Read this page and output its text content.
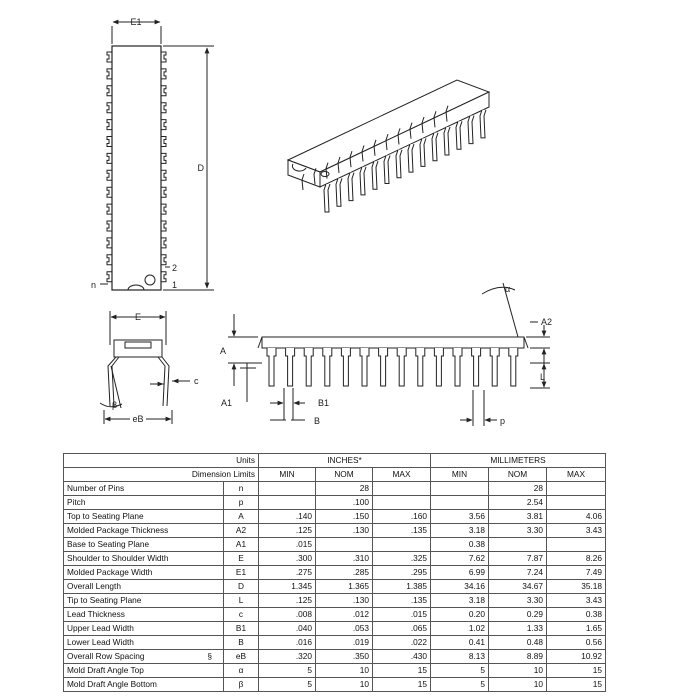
E1
D
n
2
1
E
c
β
eB
A
A1	B1
B	p
α
A2
L
Units		INCHES*			MILLIMETERS		
Dimension Limits		MIN	NOM	MAX	MIN	NOM	MAX
Number of Pins	n		28			28	
Pitch	p		.100			2.54	
Top to Seating Plane	A	.140	.150	.160	3.56	3.81	4.06
Molded Package Thickness	A2	.125	.130	.135	3.18	3.30	3.43
Base to Seating Plane	A1	.015			0.38		
Shoulder to Shoulder Width	E	.300	.310	.325	7.62	7.87	8.26
Molded Package Width	E1	.275	.285	.295	6.99	7.24	7.49
Overall Length	D	1.345	1.365	1.385	34.16	34.67	35.18
Tip to Seating Plane	L	.125	.130	.135	3.18	3.30	3.43
Lead Thickness	c	.008	.012	.015	0.20	0.29	0.38
Upper Lead Width	B1	.040	.053	.065	1.02	1.33	1.65
Lower Lead Width	B	.016	.019	.022	0.41	0.48	0.56
Overall Row Spacing §	eB	.320	.350	.430	8.13	8.89	10.92
Mold Draft Angle Top	α	5	10	15	5	10	15
Mold Draft Angle Bottom	β	5	10	15	5	10	15
